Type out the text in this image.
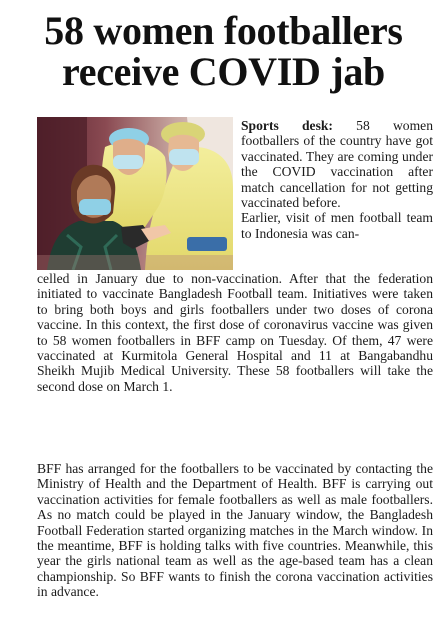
58 women footballers
receive COVID jab

Sports desk: 58 women footballers of the country have got vaccinated. They are coming under the COVID vaccination after match cancellation for not getting vaccinated before.

Earlier, visit of men football team to Indonesia was can-

celled in January due to non-vaccination. After that the federation initiated to vaccinate Bangladesh Football team. Initiatives were taken to bring both boys and girls footballers under two doses of corona vaccine. In this context, the first dose of coronavirus vaccine was given to 58 women footballers in BFF camp on Tuesday. Of them, 47 were vaccinated at Kurmitola General Hospital and 11 at Bangabandhu Sheikh Mujib Medical University. These 58 footballers will take the second dose on March 1.

BFF has arranged for the footballers to be vaccinated by contacting the Ministry of Health and the Department of Health. BFF is carrying out vaccination activities for female footballers as well as male footballers. As no match could be played in the January window, the Bangladesh Football Federation started organizing matches in the March window. In the meantime, BFF is holding talks with five countries. Meanwhile, this year the girls national team as well as the age-based team has a clean championship. So BFF wants to finish the corona vaccination activities in advance.
